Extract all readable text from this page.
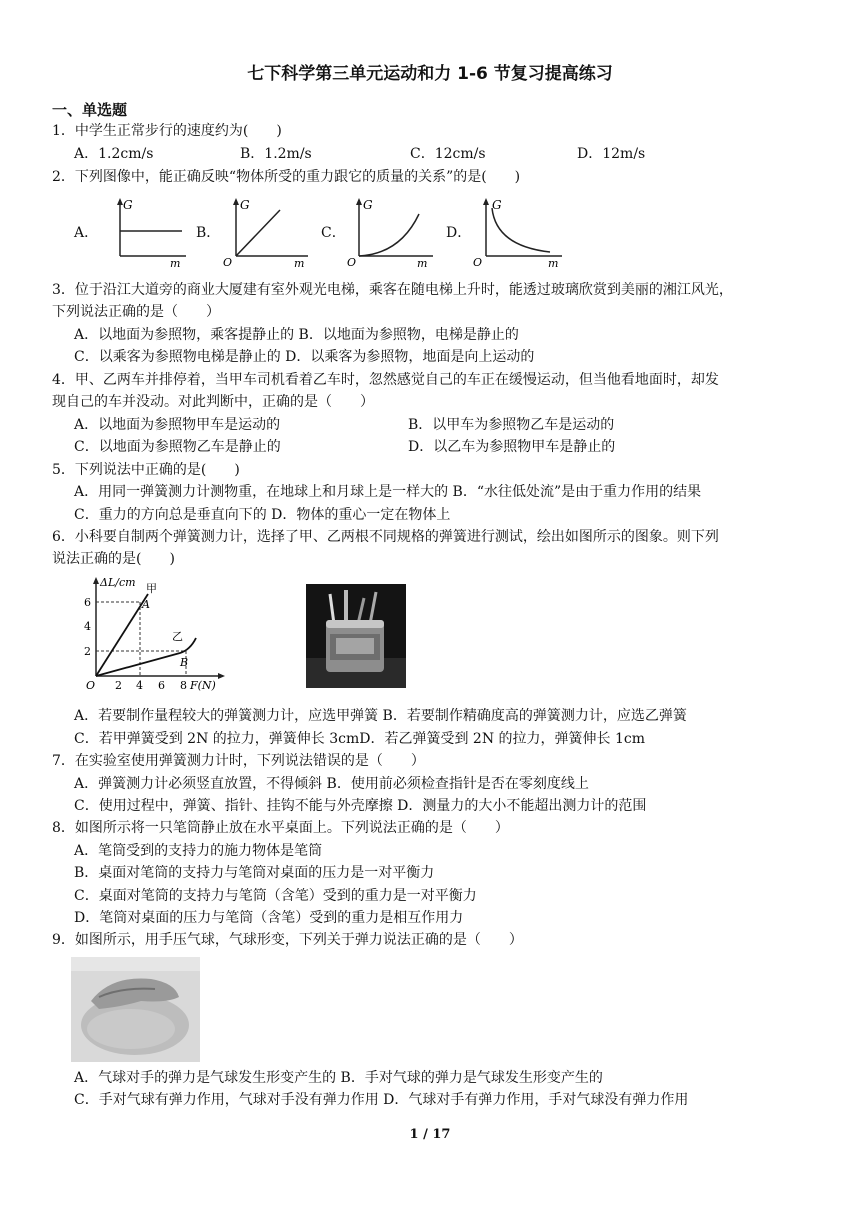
七下科学第三单元运动和力 1-6 节复习提高练习
一、单选题
1．中学生正常步行的速度约为(　　)
A．1.2cm/s	B．1.2m/s	C．12cm/s	D．12m/s
2．下列图像中，能正确反映“物体所受的重力跟它的质量的关系”的是(　　)
A．	B．	C．	D．
G
m	O
G
m	O
G
m	O
G
m
3．位于沿江大道旁的商业大厦建有室外观光电梯，乘客在随电梯上升时，能透过玻璃欣赏到美丽的湘江风光，
下列说法正确的是（　　）
A．以地面为参照物，乘客提静止的 B．以地面为参照物，电梯是静止的
C．以乘客为参照物电梯是静止的 D．以乘客为参照物，地面是向上运动的
4．甲、乙两车并排停着，当甲车司机看着乙车时，忽然感觉自己的车正在缓慢运动，但当他看地面时，却发
现自己的车并没动。对此判断中，正确的是（　　）
A．以地面为参照物甲车是运动的	B．以甲车为参照物乙车是运动的
C．以地面为参照物乙车是静止的	D．以乙车为参照物甲车是静止的
5．下列说法中正确的是(　　)
A．用同一弹簧测力计测物重，在地球上和月球上是一样大的 B．“水往低处流”是由于重力作用的结果
C．重力的方向总是垂直向下的 D．物体的重心一定在物体上
6．小科要自制两个弹簧测力计，选择了甲、乙两根不同规格的弹簧进行测试，绘出如图所示的图象。则下列
说法正确的是(　　)
ΔL/cm
6
4
2
O 2 4 6 8 F(N)
甲
A
乙
B
A．若要制作量程较大的弹簧测力计，应选甲弹簧 B．若要制作精确度高的弹簧测力计，应选乙弹簧
C．若甲弹簧受到 2N 的拉力，弹簧伸长 3cmD．若乙弹簧受到 2N 的拉力，弹簧伸长 1cm
7．在实验室使用弹簧测力计时，下列说法错误的是（　　）
A．弹簧测力计必须竖直放置，不得倾斜 B．使用前必须检查指针是否在零刻度线上
C．使用过程中，弹簧、指针、挂钩不能与外壳摩擦 D．测量力的大小不能超出测力计的范围
8．如图所示将一只笔筒静止放在水平桌面上。下列说法正确的是（　　）
A．笔筒受到的支持力的施力物体是笔筒
B．桌面对笔筒的支持力与笔筒对桌面的压力是一对平衡力
C．桌面对笔筒的支持力与笔筒（含笔）受到的重力是一对平衡力
D．笔筒对桌面的压力与笔筒（含笔）受到的重力是相互作用力
9．如图所示，用手压气球，气球形变，下列关于弹力说法正确的是（　　）
A．气球对手的弹力是气球发生形变产生的 B．手对气球的弹力是气球发生形变产生的
C．手对气球有弹力作用，气球对手没有弹力作用 D．气球对手有弹力作用，手对气球没有弹力作用
1 / 17
